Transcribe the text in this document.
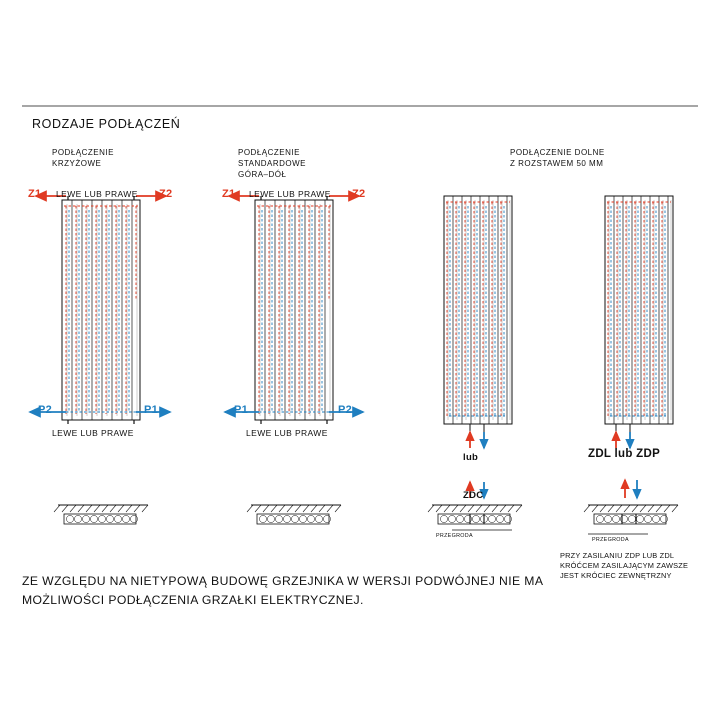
RODZAJE PODŁĄCZEŃ
PODŁĄCZENIE
KRZYŻOWE
PODŁĄCZENIE
STANDARDOWE
GÓRA–DÓŁ
PODŁĄCZENIE DOLNE
Z ROZSTAWEM 50 MM
Z1	Z2
LEWE LUB PRAWE
P2	P1
LEWE LUB PRAWE
Z1	Z2
LEWE LUB PRAWE
P1	P2
LEWE LUB PRAWE
lub
ZDC
PRZEGRODA
ZDL lub ZDP
PRZEGRODA
PRZY ZASILANIU ZDP LUB ZDL
KRÓĆCEM ZASILAJĄCYM ZAWSZE
JEST KRÓCIEC ZEWNĘTRZNY
ZE WZGLĘDU NA NIETYPOWĄ BUDOWĘ GRZEJNIKA W WERSJI PODWÓJNEJ NIE MA
MOŻLIWOŚCI PODŁĄCZENIA GRZAŁKI ELEKTRYCZNEJ.
